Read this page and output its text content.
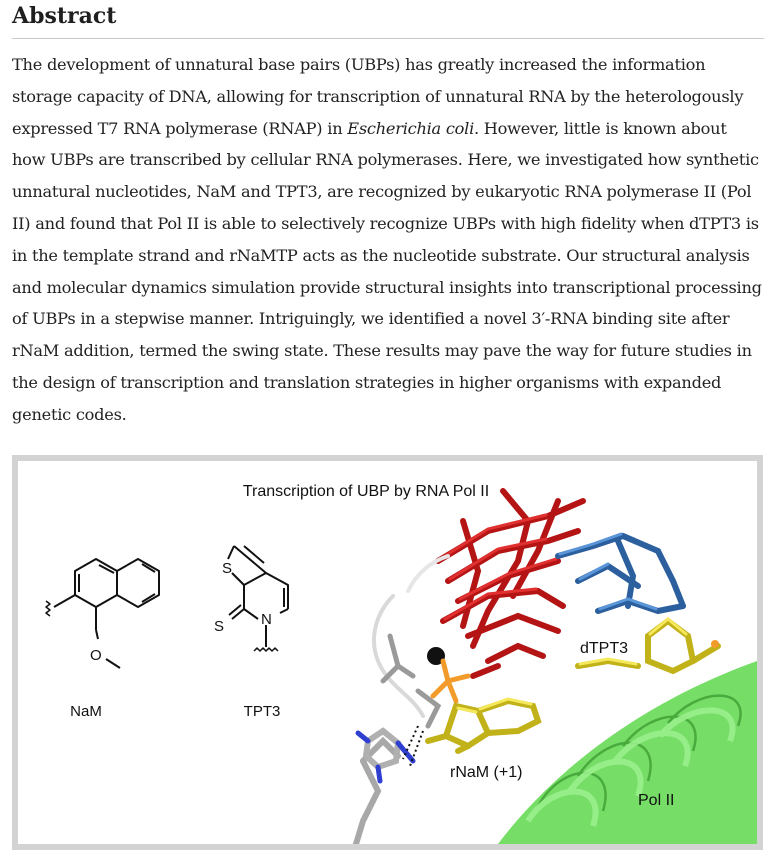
Abstract

The development of unnatural base pairs (UBPs) has greatly increased the information storage capacity of DNA, allowing for transcription of unnatural RNA by the heterologously expressed T7 RNA polymerase (RNAP) in Escherichia coli. However, little is known about how UBPs are transcribed by cellular RNA polymerases. Here, we investigated how synthetic unnatural nucleotides, NaM and TPT3, are recognized by eukaryotic RNA polymerase II (Pol II) and found that Pol II is able to selectively recognize UBPs with high fidelity when dTPT3 is in the template strand and rNaMTP acts as the nucleotide substrate. Our structural analysis and molecular dynamics simulation provide structural insights into transcriptional processing of UBPs in a stepwise manner. Intriguingly, we identified a novel 3′-RNA binding site after rNaM addition, termed the swing state. These results may pave the way for future studies in the design of transcription and translation strategies in higher organisms with expanded genetic codes.

Transcription of UBP by RNA Pol II
O
NaM
S
S N
TPT3
dTPT3
rNaM (+1)
Pol II
